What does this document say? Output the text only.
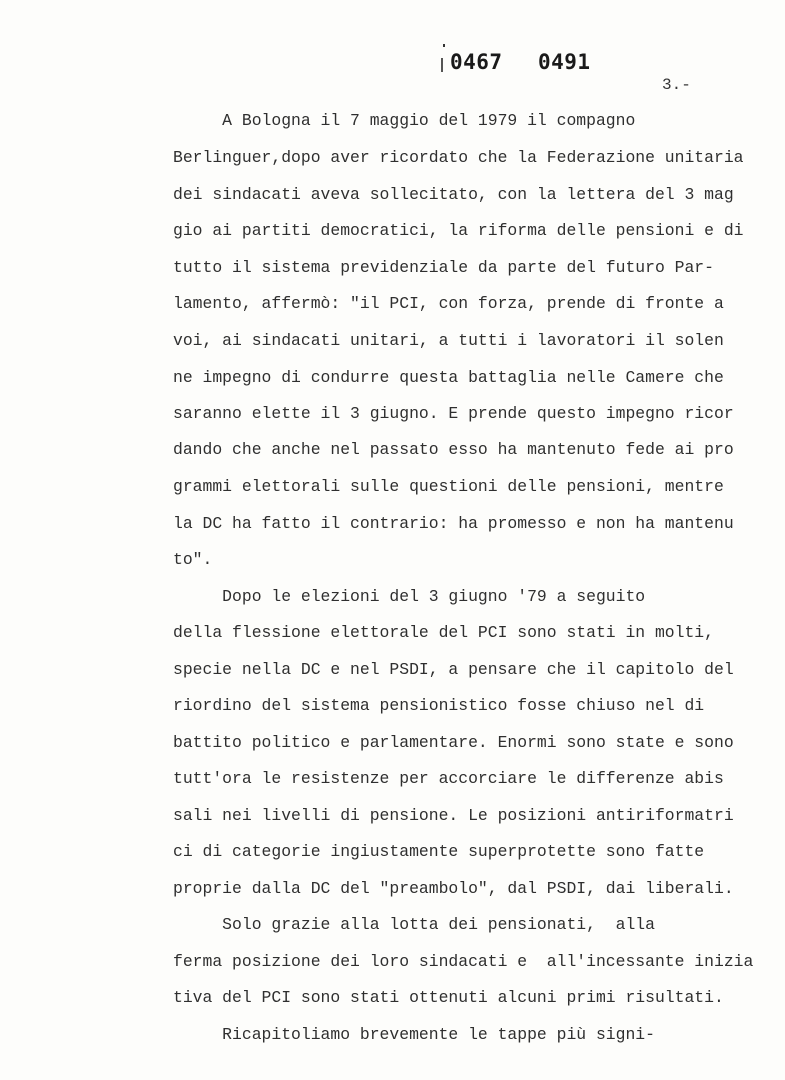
0467 0491
3.-
A Bologna il 7 maggio del 1979 il compagno
Berlinguer,dopo aver ricordato che la Federazione unitaria
dei sindacati aveva sollecitato, con la lettera del 3 mag
gio ai partiti democratici, la riforma delle pensioni e di
tutto il sistema previdenziale da parte del futuro Par-
lamento, affermò: "il PCI, con forza, prende di fronte a
voi, ai sindacati unitari, a tutti i lavoratori il solen
ne impegno di condurre questa battaglia nelle Camere che
saranno elette il 3 giugno. E prende questo impegno ricor
dando che anche nel passato esso ha mantenuto fede ai pro
grammi elettorali sulle questioni delle pensioni, mentre
la DC ha fatto il contrario: ha promesso e non ha mantenu
to".
Dopo le elezioni del 3 giugno '79 a seguito
della flessione elettorale del PCI sono stati in molti,
specie nella DC e nel PSDI, a pensare che il capitolo del
riordino del sistema pensionistico fosse chiuso nel di
battito politico e parlamentare. Enormi sono state e sono
tutt'ora le resistenze per accorciare le differenze abis
sali nei livelli di pensione. Le posizioni antiriformatri
ci di categorie ingiustamente superprotette sono fatte
proprie dalla DC del "preambolo", dal PSDI, dai liberali.
Solo grazie alla lotta dei pensionati,  alla
ferma posizione dei loro sindacati e  all'incessante inizia
tiva del PCI sono stati ottenuti alcuni primi risultati.
Ricapitoliamo brevemente le tappe più signi-
